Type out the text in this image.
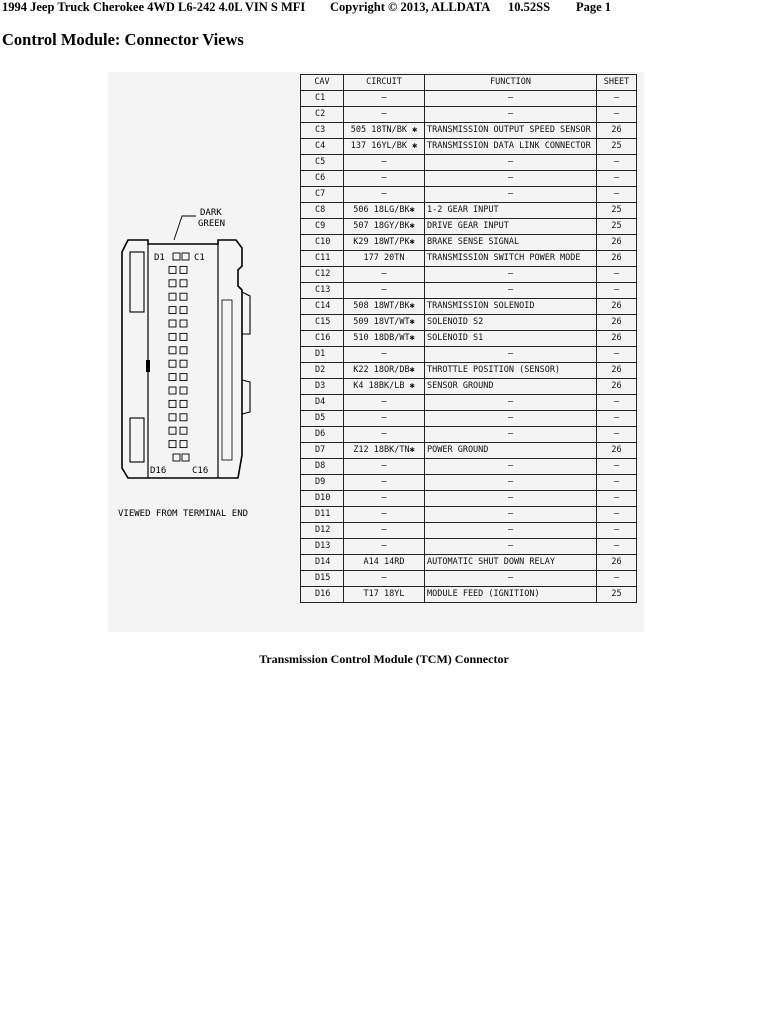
1994 Jeep Truck Cherokee 4WD L6-242 4.0L VIN S MFI Copyright © 2013, ALLDATA 10.52SS Page 1
Control Module: Connector Views
DARK
GREEN
D1	C1
D16	C16
VIEWED FROM TERMINAL END
CAV	CIRCUIT	FUNCTION	SHEET
C1	—	—	—
C2	—	—	—
C3	505 18TN/BK ✱	TRANSMISSION OUTPUT SPEED SENSOR	26
C4	137 16YL/BK ✱	TRANSMISSION DATA LINK CONNECTOR	25
C5	—	—	—
C6	—	—	—
C7	—	—	—
C8	506 18LG/BK✱	1-2 GEAR INPUT	25
C9	507 18GY/BK✱	DRIVE GEAR INPUT	25
C10	K29 18WT/PK✱	BRAKE SENSE SIGNAL	26
C11	177 20TN	TRANSMISSION SWITCH POWER MODE	26
C12	—	—	—
C13	—	—	—
C14	508 18WT/BK✱	TRANSMISSION SOLENOID	26
C15	509 18VT/WT✱	SOLENOID S2	26
C16	510 18DB/WT✱	SOLENOID S1	26
D1	—	—	—
D2	K22 18OR/DB✱	THROTTLE POSITION (SENSOR)	26
D3	K4 18BK/LB ✱	SENSOR GROUND	26
D4	—	—	—
D5	—	—	—
D6	—	—	—
D7	Z12 18BK/TN✱	POWER GROUND	26
D8	—	—	—
D9	—	—	—
D10	—	—	—
D11	—	—	—
D12	—	—	—
D13	—	—	—
D14	A14 14RD	AUTOMATIC SHUT DOWN RELAY	26
D15	—	—	—
D16	T17 18YL	MODULE FEED (IGNITION)	25
Transmission Control Module (TCM) Connector
